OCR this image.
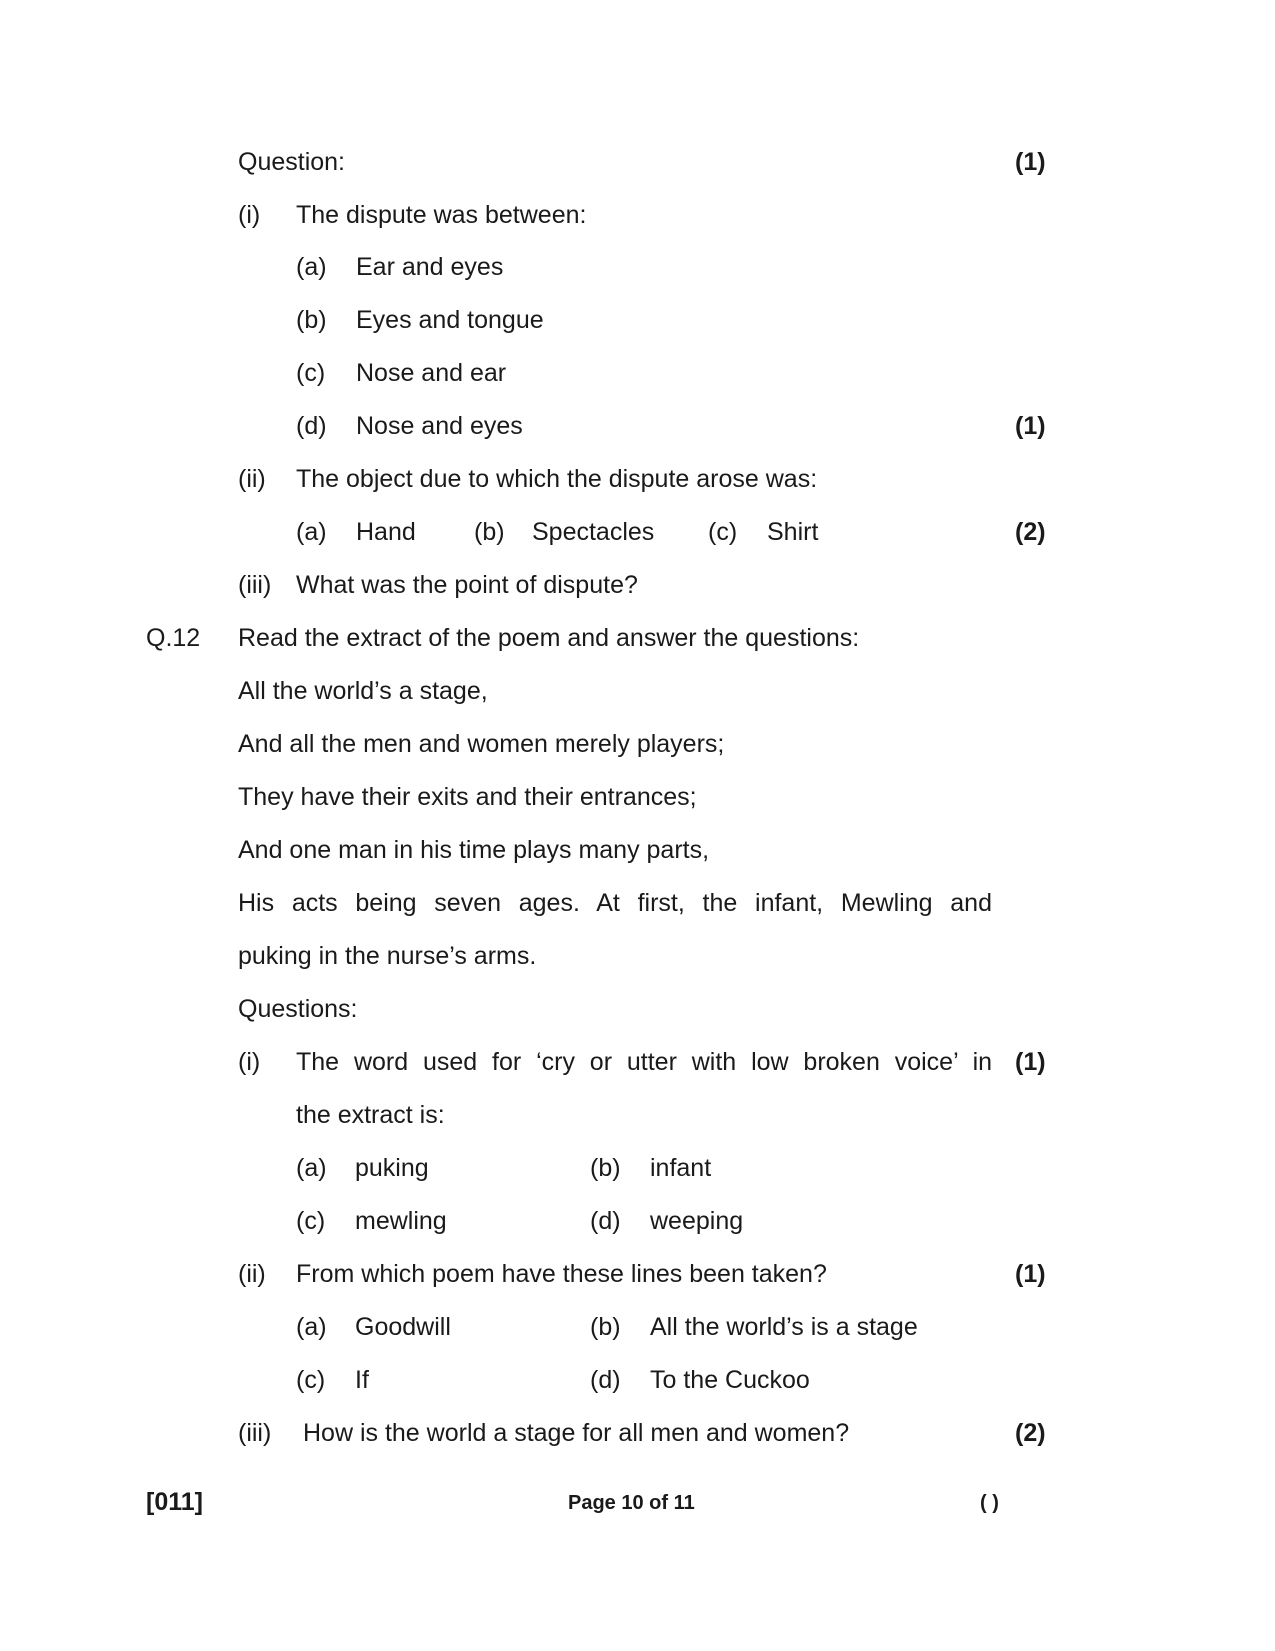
Question:	(1)
(i) The dispute was between:
(a) Ear and eyes
(b) Eyes and tongue
(c) Nose and ear
(d) Nose and eyes	(1)
(ii) The object due to which the dispute arose was:
(a) Hand (b) Spectacles (c) Shirt	(2)
(iii) What was the point of dispute?
Q.12 Read the extract of the poem and answer the questions:
All the world’s a stage,
And all the men and women merely players;
They have their exits and their entrances;
And one man in his time plays many parts,
His acts being seven ages. At first, the infant, Mewling and
puking in the nurse’s arms.
Questions:
(i) The word used for ‘cry or utter with low broken voice’ in (1)
the extract is:
(a) puking	(b) infant
(c) mewling	(d) weeping
(ii) From which poem have these lines been taken?	(1)
(a) Goodwill	(b) All the world’s is a stage
(c) If	(d) To the Cuckoo
(iii) How is the world a stage for all men and women?	(2)
[011]	Page 10 of 11	( )
